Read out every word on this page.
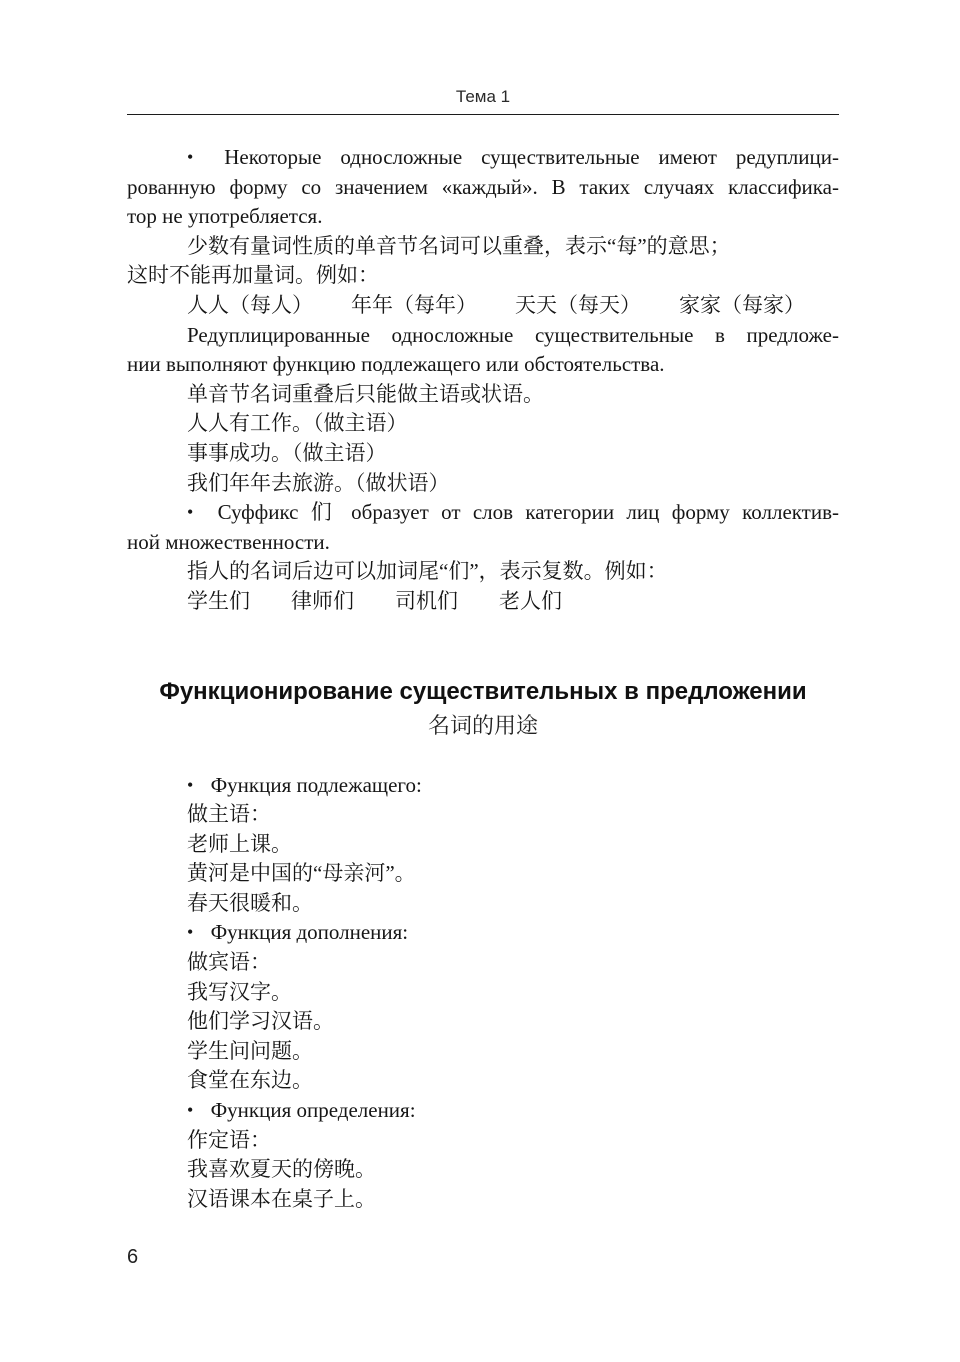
Тема 1
• Некоторые односложные существительные имеют редуплици-
рованную форму со значением «каждый». В таких случаях классифика-
тор не употребляется.
少数有量词性质的单音节名词可以重叠，表示“每”的意思；
这时不能再加量词。例如：
人人（每人） 年年（每年） 天天（每天） 家家（每家）
Редуплицированные односложные существительные в предложе-
нии выполняют функцию подлежащего или обстоятельства.
单音节名词重叠后只能做主语或状语。
人人有工作。（做主语）
事事成功。（做主语）
我们年年去旅游。（做状语）
• Суффикс 们 образует от слов категории лиц форму коллектив-
ной множественности.
指人的名词后边可以加词尾“们”，表示复数。例如：
学生们 律师们 司机们 老人们
Функционирование существительных в предложении
名词的用途
• Функция подлежащего:
做主语：
老师上课。
黄河是中国的“母亲河”。
春天很暖和。
• Функция дополнения:
做宾语：
我写汉字。
他们学习汉语。
学生问问题。
食堂在东边。
• Функция определения:
作定语：
我喜欢夏天的傍晚。
汉语课本在桌子上。
6
